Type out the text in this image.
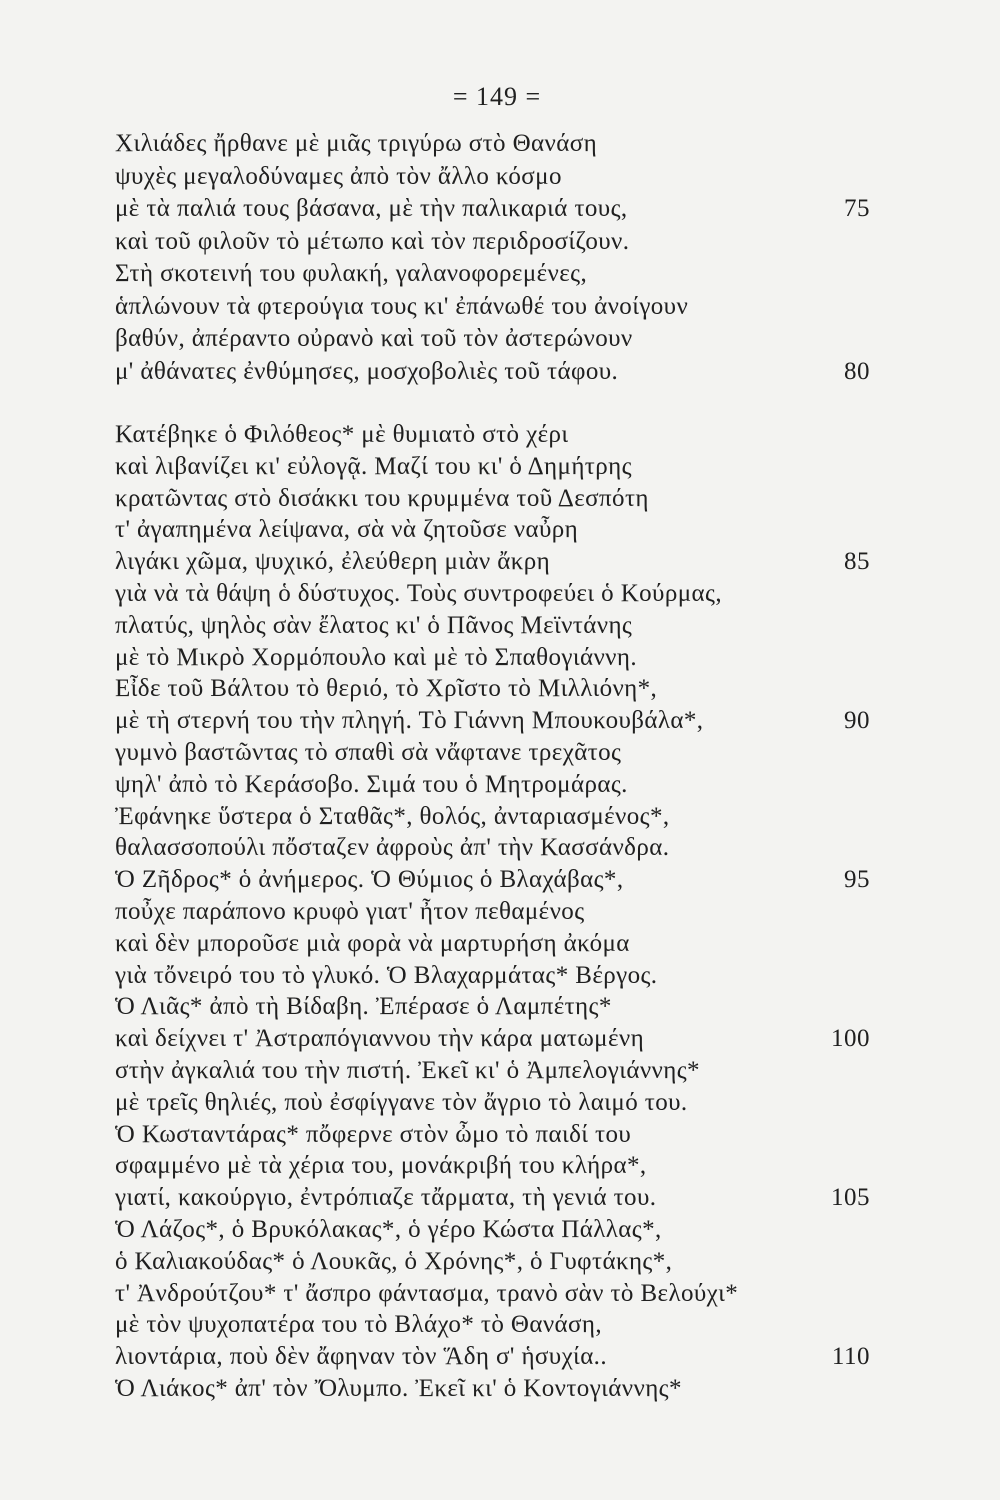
= 149 =
Χιλιάδες ἤρθανε μὲ μιᾶς τριγύρω στὸ Θανάση
ψυχὲς μεγαλοδύναμες ἀπὸ τὸν ἄλλο κόσμο
μὲ τὰ παλιά τους βάσανα, μὲ τὴν παλικαριά τους,	75
καὶ τοῦ φιλοῦν τὸ μέτωπο καὶ τὸν περιδροσίζουν.
Στὴ σκοτεινή του φυλακή, γαλανοφορεμένες,
ἁπλώνουν τὰ φτερούγια τους κι' ἐπάνωθέ του ἀνοίγουν
βαθύν, ἀπέραντο οὐρανὸ καὶ τοῦ τὸν ἀστερώνουν
μ' ἀθάνατες ἐνθύμησες, μοσχοβολιὲς τοῦ τάφου.	80
Κατέβηκε ὁ Φιλόθεος* μὲ θυμιατὸ στὸ χέρι
καὶ λιβανίζει κι' εὐλογᾷ. Μαζί του κι' ὁ Δημήτρης
κρατῶντας στὸ δισάκκι του κρυμμένα τοῦ Δεσπότη
τ' ἀγαπημένα λείψανα, σὰ νὰ ζητοῦσε ναὖρη
λιγάκι χῶμα, ψυχικό, ἐλεύθερη μιὰν ἄκρη	85
γιὰ νὰ τὰ θάψη ὁ δύστυχος. Τοὺς συντροφεύει ὁ Κούρμας,
πλατύς, ψηλὸς σὰν ἔλατος κι' ὁ Πᾶνος Μεϊντάνης
μὲ τὸ Μικρὸ Χορμόπουλο καὶ μὲ τὸ Σπαθογιάννη.
Εἶδε τοῦ Βάλτου τὸ θεριό, τὸ Χρῖστο τὸ Μιλλιόνη*,
μὲ τὴ στερνή του τὴν πληγή. Τὸ Γιάννη Μπουκουβάλα*,	90
γυμνὸ βαστῶντας τὸ σπαθὶ σὰ νἄφτανε τρεχᾶτος
ψηλ' ἀπὸ τὸ Κεράσοβο. Σιμά του ὁ Μητρομάρας.
Ἐφάνηκε ὕστερα ὁ Σταθᾶς*, θολός, ἀνταριασμένος*,
θαλασσοπούλι πὄσταζεν ἀφροὺς ἀπ' τὴν Κασσάνδρα.
Ὁ Ζῆδρος* ὁ ἀνήμερος. Ὁ Θύμιος ὁ Βλαχάβας*,	95
ποὖχε παράπονο κρυφὸ γιατ' ἦτον πεθαμένος
καὶ δὲν μποροῦσε μιὰ φορὰ νὰ μαρτυρήση ἀκόμα
γιὰ τὄνειρό του τὸ γλυκό. Ὁ Βλαχαρμάτας* Βέργος.
Ὁ Λιᾶς* ἀπὸ τὴ Βίδαβη. Ἐπέρασε ὁ Λαμπέτης*
καὶ δείχνει τ' Ἀστραπόγιαννου τὴν κάρα ματωμένη	100
στὴν ἀγκαλιά του τὴν πιστή. Ἐκεῖ κι' ὁ Ἀμπελογιάννης*
μὲ τρεῖς θηλιές, ποὺ ἐσφίγγανε τὸν ἄγριο τὸ λαιμό του.
Ὁ Κωσταντάρας* πὄφερνε στὸν ὦμο τὸ παιδί του
σφαμμένο μὲ τὰ χέρια του, μονάκριβή του κλήρα*,
γιατί, κακούργιο, ἐντρόπιαζε τἄρματα, τὴ γενιά του.	105
Ὁ Λάζος*, ὁ Βρυκόλακας*, ὁ γέρο Κώστα Πάλλας*,
ὁ Καλιακούδας* ὁ Λουκᾶς, ὁ Χρόνης*, ὁ Γυφτάκης*,
τ' Ἀνδρούτζου* τ' ἄσπρο φάντασμα, τρανὸ σὰν τὸ Βελούχι*
μὲ τὸν ψυχοπατέρα του τὸ Βλάχο* τὸ Θανάση,
λιοντάρια, ποὺ δὲν ἄφηναν τὸν Ἅδη σ' ἡσυχία..	110
Ὁ Λιάκος* ἀπ' τὸν Ὄλυμπο. Ἐκεῖ κι' ὁ Κοντογιάννης*
